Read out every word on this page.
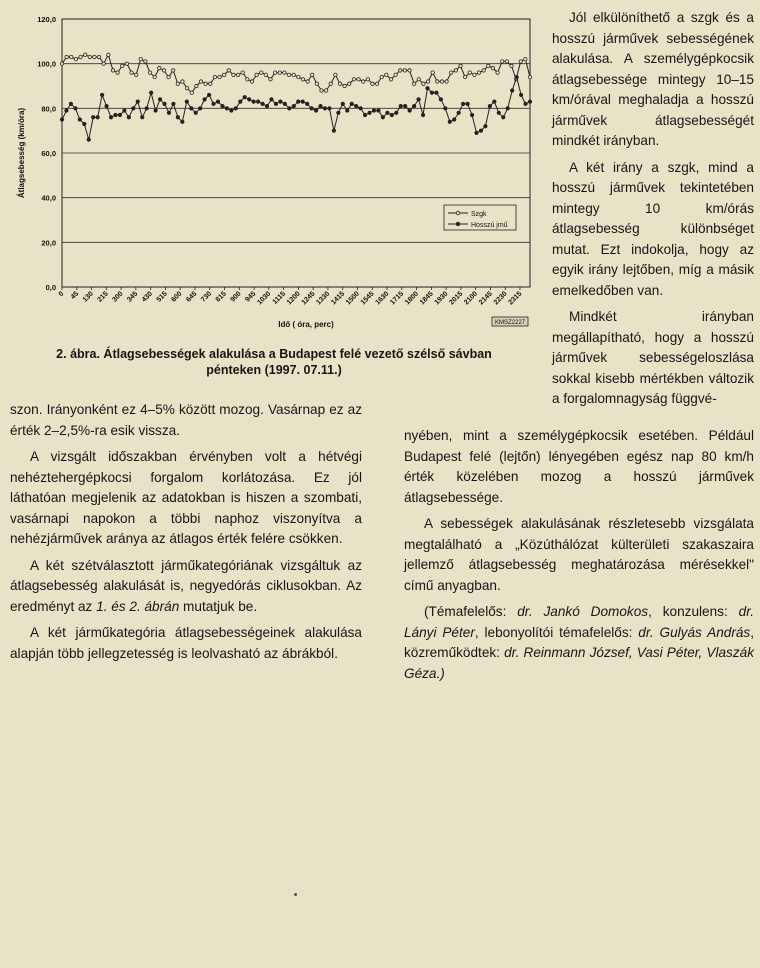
0,0
20,0
40,0
60,0
80,0
100,0
120,0
Átlagsebesség (km/óra)
0 45 130 215 300 345 430 515 600 645 730 815 900 945
1030 1115
1200
1245
1330
1415
1500
1545
1630
1715
1800
1845
1930
2015
2100
2145
2230
2315
Idő ( óra, perc)	KMSZ2227
Szgk
Hosszú jmű
2. ábra. Átlagsebességek alakulása a Budapest felé vezető szélső sávban
pénteken (1997. 07.11.)

Jól elkülöníthető a szgk és a hosszú járművek sebességének alakulása. A személygépkocsik átlagsebessége mintegy 10–15 km/órával meghaladja a hosszú járművek átlagsebességét mindkét irányban.

A két irány a szgk, mind a hosszú járművek tekintetében mintegy 10 km/órás átlagsebesség különbséget mutat. Ezt indokolja, hogy az egyik irány lejtőben, míg a másik emelkedőben van.

Mindkét irányban megállapítható, hogy a hosszú járművek sebességeloszlása sokkal kisebb mértékben változik a forgalomnagyság függvé-

szon. Irányonként ez 4–5% között mozog. Vasárnap ez az érték 2–2,5%-ra esik vissza.

A vizsgált időszakban érvényben volt a hétvégi nehéztehergépkocsi forgalom korlátozása. Ez jól láthatóan megjelenik az adatokban is hiszen a szombati, vasárnapi napokon a többi naphoz viszonyítva a nehézjárművek aránya az átlagos érték felére csökken.

A két szétválasztott járműkategóriának vizsgáltuk az átlagsebesség alakulását is, negyedórás ciklusokban. Az eredményt az 1. és 2. ábrán mutatjuk be.

A két járműkategória átlagsebességeinek alakulása alapján több jellegzetesség is leolvasható az ábrákból.

nyében, mint a személygépkocsik esetében. Például Budapest felé (lejtőn) lényegében egész nap 80 km/h érték közelében mozog a hosszú járművek átlagsebessége.

A sebességek alakulásának részletesebb vizsgálata megtalálható a „Közúthálózat külterületi szakaszaira jellemző átlagsebesség meghatározása mérésekkel" című anyagban.

(Témafelelős: dr. Jankó Domokos, konzulens: dr. Lányi Péter, lebonyolítói témafelelős: dr. Gulyás András, közreműködtek: dr. Reinmann József, Vasi Péter, Vlaszák Géza.)
